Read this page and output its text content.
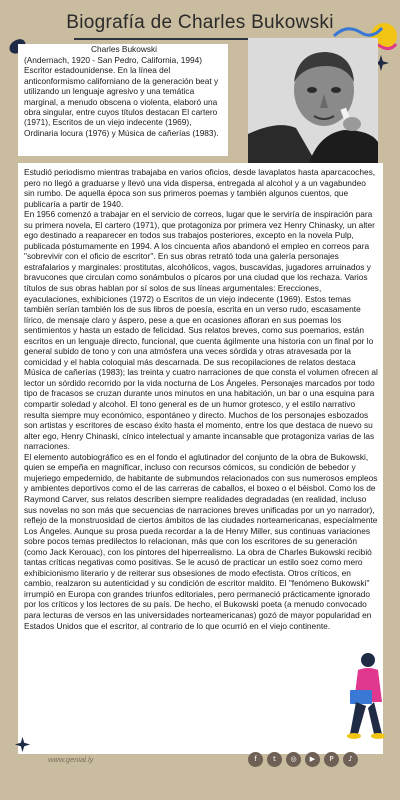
Biografía de Charles Bukowski
Charles Bukowski
(Andernach, 1920 - San Pedro, California, 1994) Escritor estadounidense. En la línea del anticonformismo californiano de la generación beat y utilizando un lenguaje agresivo y una temática marginal, a menudo obscena o violenta, elaboró una obra singular, entre cuyos títulos destacan El cartero (1971), Escritos de un viejo indecente (1969), Ordinaria locura (1976) y Música de cañerías (1983).

Estudió periodismo mientras trabajaba en varios oficios, desde lavaplatos hasta aparcacoches, pero no llegó a graduarse y llevó una vida dispersa, entregada al alcohol y a un vagabundeo sin rumbo. De aquella época son sus primeros poemas y también algunos cuentos, que publicaría a partir de 1940.

En 1956 comenzó a trabajar en el servicio de correos, lugar que le serviría de inspiración para su primera novela, El cartero (1971), que protagoniza por primera vez Henry Chinasky, un alter ego destinado a reaparecer en todos sus trabajos posteriores, excepto en la novela Pulp, publicada póstumamente en 1994. A los cincuenta años abandonó el empleo en correos para "sobrevivir con el oficio de escritor". En sus obras retrató toda una galería personajes estrafalarios y marginales: prostitutas, alcohólicos, vagos, buscavidas, jugadores arruinados y bravucones que circulan como sonámbulos o pícaros por una ciudad que los rechaza. Varios títulos de sus obras hablan por sí solos de sus líneas argumentales: Erecciones, eyaculaciones, exhibiciones (1972) o Escritos de un viejo indecente (1969). Estos temas también serían también los de sus libros de poesía, escrita en un verso rudo, escasamente lírico, de mensaje claro y áspero, pese a que en ocasiones afloran en sus poemas los sentimientos y hasta un estado de felicidad. Sus relatos breves, como sus poemarios, están escritos en un lenguaje directo, funcional, que cuenta ágilmente una historia con un final por lo general subido de tono y con una atmósfera una veces sórdida y otras atravesada por la comicidad y el habla coloquial más descarnada. De sus recopilaciones de relatos destaca Música de cañerías (1983); las treinta y cuatro narraciones de que consta el volumen ofrecen al lector un sórdido recorrido por la vida nocturna de Los Ángeles. Personajes marcados por todo tipo de fracasos se cruzan durante unos minutos en una habitación, un bar o una esquina para compartir soledad y alcohol. El tono general es de un humor grotesco, y el estilo narrativo resulta siempre muy económico, espontáneo y directo. Muchos de los personajes esbozados son artistas y escritores de escaso éxito hasta el momento, entre los que destaca de nuevo su alter ego, Henry Chinaski, cínico intelectual y amante incansable que protagoniza varias de las narraciones.

El elemento autobiográfico es en el fondo el aglutinador del conjunto de la obra de Bukowski, quien se empeña en magnificar, incluso con recursos cómicos, su condición de bebedor y mujeriego empedernido, de habitante de submundos relacionados con sus numerosos empleos y ambientes deportivos como el de las carreras de caballos, el boxeo o el béisbol. Como los de Raymond Carver, sus relatos describen siempre realidades degradadas (en realidad, incluso sus novelas no son más que secuencias de narraciones breves unificadas por un yo narrador), reflejo de la monstruosidad de ciertos ámbitos de las ciudades norteamericanas, especialmente Los Ángeles. Aunque su prosa pueda recordar a la de Henry Miller, sus continuas variaciones sobre pocos temas predilectos lo relacionan, más que con los escritores de su generación (como Jack Kerouac), con los pintores del hiperrealismo. La obra de Charles Bukowski recibió tantas críticas negativas como positivas. Se le acusó de practicar un estilo soez como mero exhibicionismo literario y de reiterar sus obsesiones de modo efectista. Otros críticos, en cambio, realzaron su autenticidad y su condición de escritor maldito. El "fenómeno Bukowski" irrumpió en Europa con grandes triunfos editoriales, pero permaneció prácticamente ignorado por los críticos y los lectores de su país. De hecho, el Bukowski poeta (a menudo convocado para lecturas de versos en las universidades norteamericanas) gozó de mayor popularidad en Estados Unidos que el escritor, al contrario de lo que ocurrió en el viejo continente.

www.genial.ly	f	t	◎	▶	P	♪
